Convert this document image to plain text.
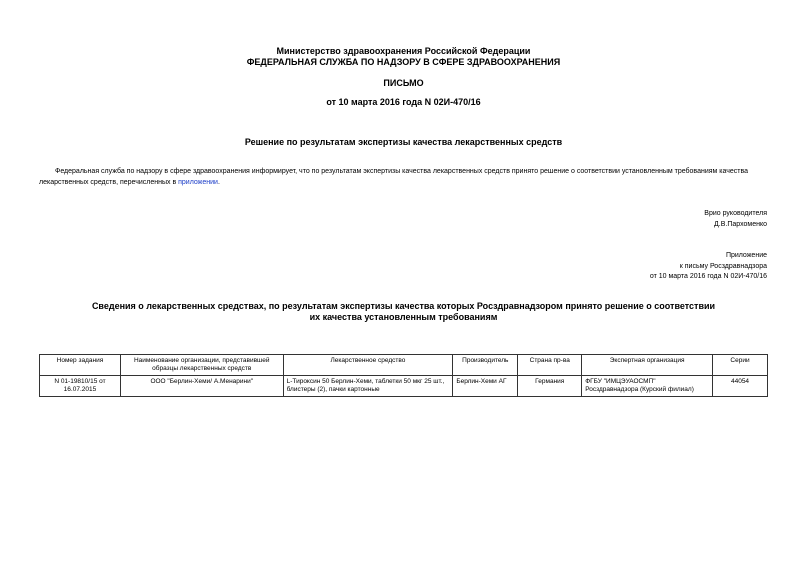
Министерство здравоохранения Российской Федерации
ФЕДЕРАЛЬНАЯ СЛУЖБА ПО НАДЗОРУ В СФЕРЕ ЗДРАВООХРАНЕНИЯ
ПИСЬМО
от 10 марта 2016 года N 02И-470/16
Решение по результатам экспертизы качества лекарственных средств
Федеральная служба по надзору в сфере здравоохранения информирует, что по результатам экспертизы качества лекарственных средств принято решение о соответствии установленным требованиям качества лекарственных средств, перечисленных в приложении.
Врио руководителя
Д.В.Пархоменко
Приложение
к письму Росздравнадзора
от 10 марта 2016 года N 02И-470/16
Сведения о лекарственных средствах, по результатам экспертизы качества которых Росздравнадзором принято решение о соответствии их качества установленным требованиям
Номер задания	Наименование организации, представившей образцы лекарственных средств	Лекарственное средство	Производитель	Страна пр-ва	Экспертная организация	Серии
N 01-19810/15 от 16.07.2015	ООО "Берлин-Хеми/ А.Менарини"	L-Тироксин 50 Берлин-Хеми, таблетки 50 мкг 25 шт., блистеры (2), пачки картонные	Берлин-Хеми АГ	Германия	ФГБУ "ИМЦЭУАОСМП" Росздравнадзора (Курский филиал)	44054
